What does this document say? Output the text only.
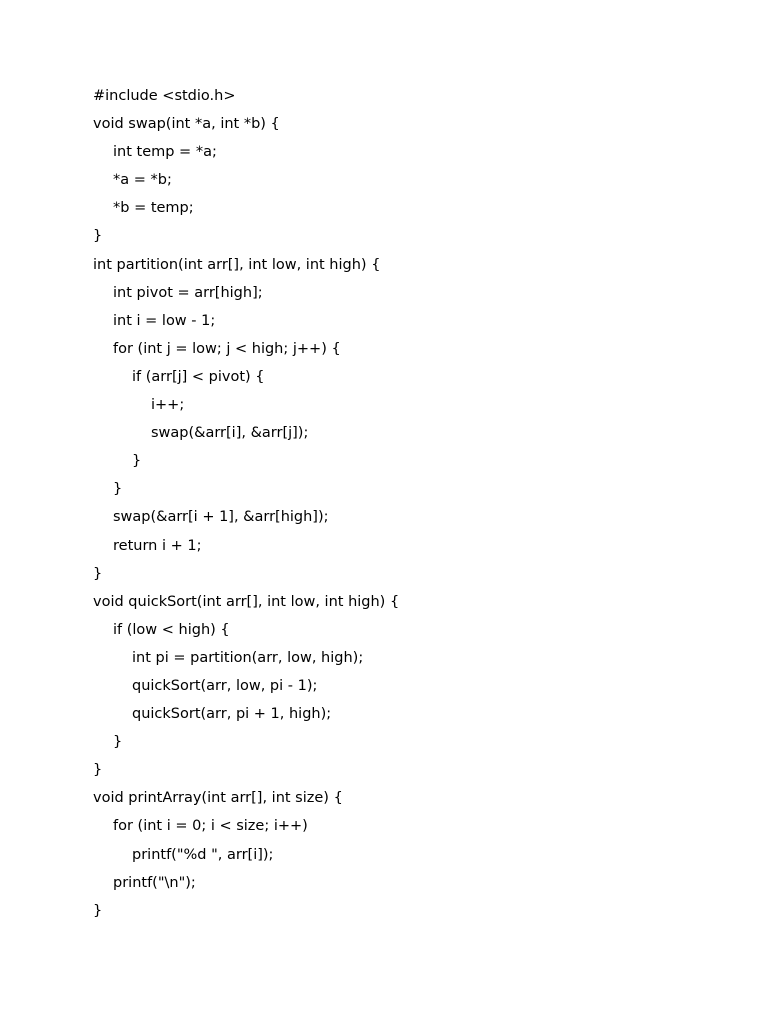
#include <stdio.h>
void swap(int *a, int *b) {
int temp = *a;
*a = *b;
*b = temp;
}
int partition(int arr[], int low, int high) {
int pivot = arr[high];
int i = low - 1;
for (int j = low; j < high; j++) {
if (arr[j] < pivot) {
i++;
swap(&arr[i], &arr[j]);
}
}
swap(&arr[i + 1], &arr[high]);
return i + 1;
}
void quickSort(int arr[], int low, int high) {
if (low < high) {
int pi = partition(arr, low, high);
quickSort(arr, low, pi - 1);
quickSort(arr, pi + 1, high);
}
}
void printArray(int arr[], int size) {
for (int i = 0; i < size; i++)
printf("%d ", arr[i]);
printf("\n");
}
